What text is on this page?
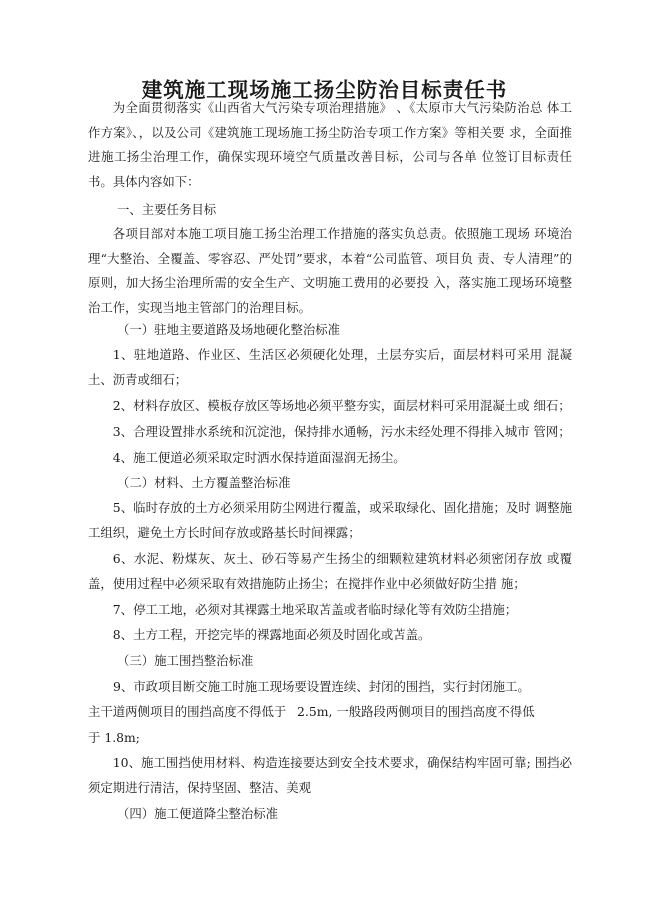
建筑施工现场施工扬尘防治目标责任书

为全面贯彻落实《山西省大气污染专项治理措施》 、《太原市大气污染防治总 体工作方案》、，以及公司《建筑施工现场施工扬尘防治专项工作方案》等相关要 求，全面推进施工扬尘治理工作，确保实现环境空气质量改善目标，公司与各单 位签订目标责任书。具体内容如下：

一、主要任务目标

各项目部对本施工项目施工扬尘治理工作措施的落实负总责。依照施工现场 环境治理“大整治、全覆盖、零容忍、严处罚”要求，本着“公司监管、项目负 责、专人清理”的原则，加大扬尘治理所需的安全生产、文明施工费用的必要投 入，落实施工现场环境整治工作，实现当地主管部门的治理目标。

（一）驻地主要道路及场地硬化整治标准

1、驻地道路、作业区、生活区必须硬化处理，土层夯实后，面层材料可采用 混凝土、沥青或细石；

2、材料存放区、模板存放区等场地必须平整夯实，面层材料可采用混凝土或 细石；

3、合理设置排水系统和沉淀池，保持排水通畅，污水未经处理不得排入城市 管网；

4、施工便道必须采取定时洒水保持道面湿润无扬尘。

（二）材料、土方覆盖整治标准

5、临时存放的土方必须采用防尘网进行覆盖，或采取绿化、固化措施；及时 调整施工组织，避免土方长时间存放或路基长时间裸露；

6、水泥、粉煤灰、灰土、砂石等易产生扬尘的细颗粒建筑材料必须密闭存放 或覆盖，使用过程中必须采取有效措施防止扬尘；在搅拌作业中必须做好防尘措 施；

7、停工工地，必须对其裸露土地采取苫盖或者临时绿化等有效防尘措施；

8、土方工程，开挖完毕的裸露地面必须及时固化或苫盖。

（三）施工围挡整治标准

9、市政项目断交施工时施工现场要设置连续、封闭的围挡，实行封闭施工。

主干道两侧项目的围挡高度不得低于 2.5m, 一般路段两侧项目的围挡高度不得低

于 1.8m;

10、施工围挡使用材料、构造连接要达到安全技术要求，确保结构牢固可靠; 围挡必须定期进行清洁，保持坚固、整洁、美观

（四）施工便道降尘整治标准
